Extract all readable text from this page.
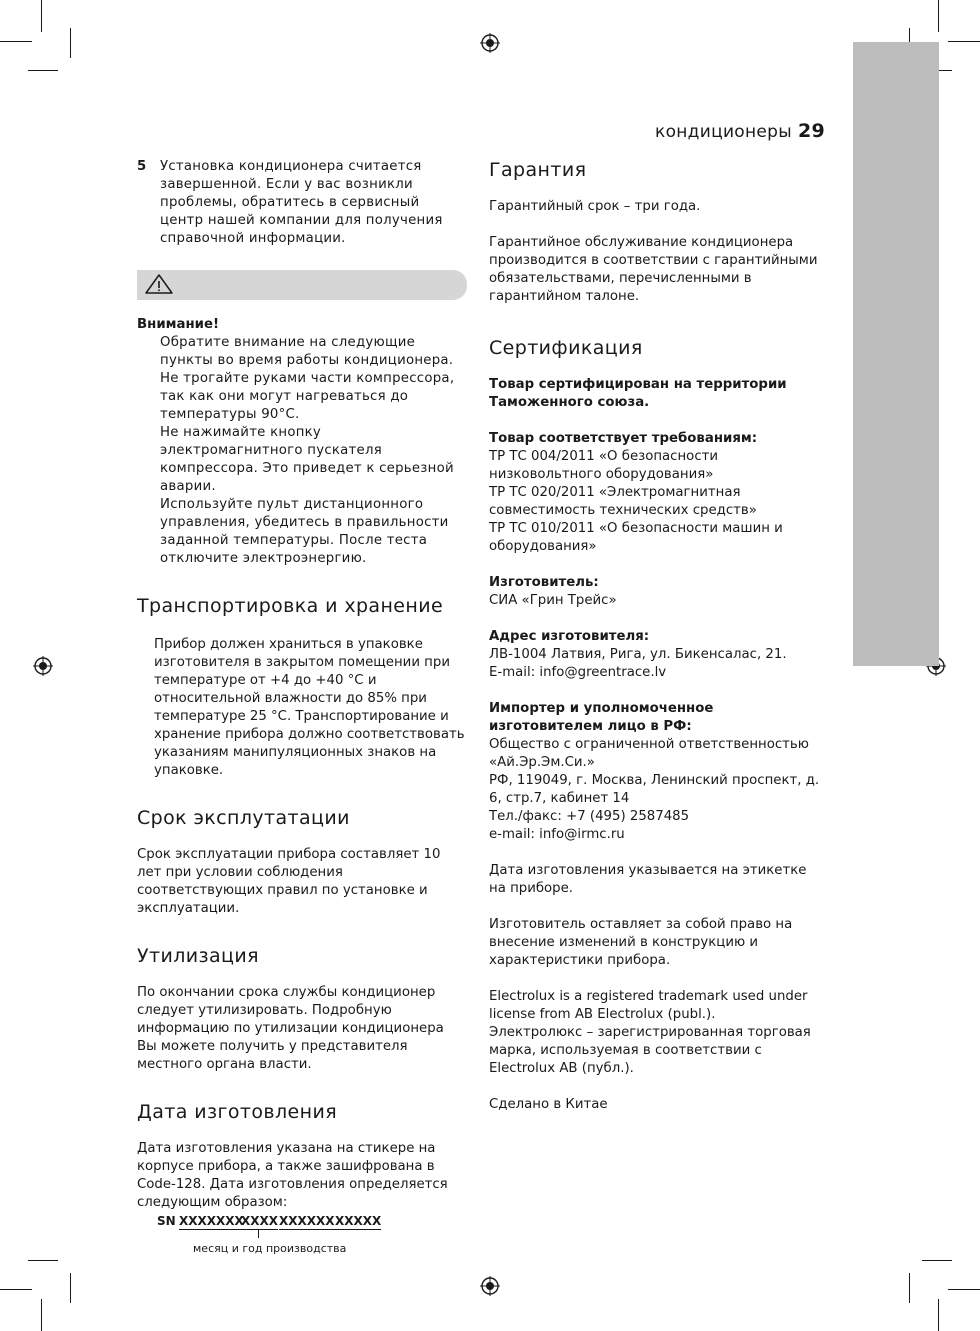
кондиционеры 29
5	Установка кондиционера считается завершенной. Если у вас возникли проблемы, обратитесь в сервисный центр нашей компании для получения справочной информации.
Внимание!

Обратите внимание на следующие пункты во время работы кондиционера.

Не трогайте руками части компрессора, так как они могут нагреваться до температуры 90°С.

Не нажимайте кнопку электромагнитного пускателя компрессора. Это приведет к серьезной аварии.

Используйте пульт дистанционного управления, убедитесь в правильности заданной температуры. После теста отключите электроэнергию.

Транспортировка и хранение

Прибор должен храниться в упаковке изготовителя в закрытом помещении при температуре от +4 до +40 °С и относительной влажности до 85% при температуре 25 °С. Транспортирование и хранение прибора должно соответствовать указаниям манипуляционных знаков на упаковке.

Срок эксплутатации

Срок эксплуатации прибора составляет 10 лет при условии соблюдения соответствующих правил по установке и эксплуатации.

Утилизация

По окончании срока службы кондиционер следует утилизировать. Подробную информацию по утилизации кондиционера Вы можете получить у представителя местного органа власти.

Дата изготовления

Дата изготовления указана на стикере на корпусе прибора, а также зашифрована в Code-128. Дата изготовления определяется следующим образом:

SN XXXXXXX
XXXX XXXXXX XXXXX
месяц и год производства
Гарантия

Гарантийный срок – три года.

Гарантийное обслуживание кондиционера производится в соответствии с гарантийными обязательствами, перечисленными в гарантийном талоне.

Сертификация

Товар сертифицирован на территории Таможенного союза.

Товар соответствует требованиям:

ТР ТС 004/2011 «О безопасности низковольтного оборудования»

ТР ТС 020/2011 «Электромагнитная совместимость технических средств»

ТР ТС 010/2011 «О безопасности машин и оборудования»

Изготовитель:

СИА «Грин Трейс»

Адрес изготовителя:

ЛВ-1004 Латвия, Рига, ул. Бикенсалас, 21.

E-mail: info@greentrace.lv

Импортер и уполномоченное изготовителем лицо в РФ:

Общество с ограниченной ответственностью «Ай.Эр.Эм.Си.»

РФ, 119049, г. Москва, Ленинский проспект, д. 6, стр.7, кабинет 14

Тел./факс: +7 (495) 2587485

e-mail: info@irmc.ru

Дата изготовления указывается на этикетке на приборе.

Изготовитель оставляет за собой право на внесение изменений в конструкцию и характеристики прибора.

Electrolux is a registered trademark used under license from AB Electrolux (publ.).

Электролюкс – зарегистрированная торговая марка, используемая в соответствии с Electrolux AB (публ.).

Сделано в Китае
